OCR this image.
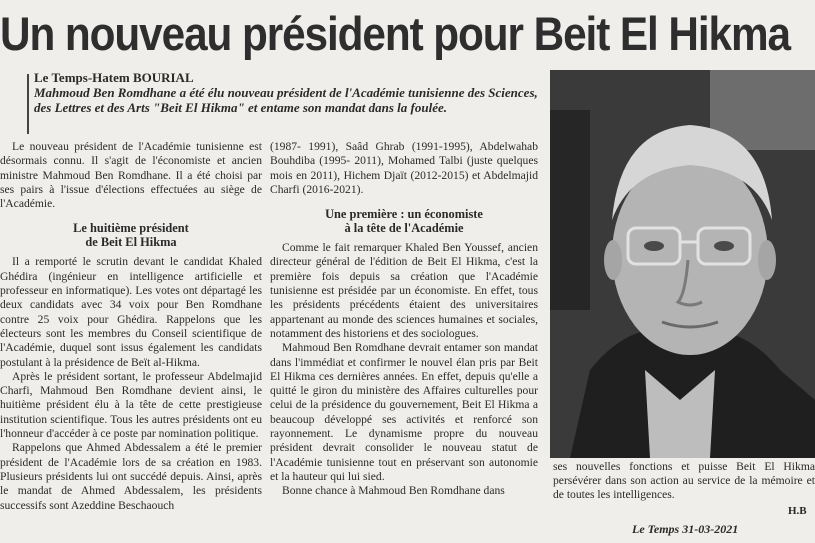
Un nouveau président pour Beit El Hikma
Le Temps-Hatem BOURIAL
Mahmoud Ben Romdhane a été élu nouveau président de l'Académie tunisienne des Sciences, des Lettres et des Arts "Beit El Hikma" et entame son mandat dans la foulée.

Le nouveau président de l'Académie tunisienne est désormais connu. Il s'agit de l'économiste et ancien ministre Mahmoud Ben Romdhane. Il a été choisi par ses pairs à l'issue d'élections effectuées au siège de l'Académie.

Le huitième président
de Beit El Hikma

Il a remporté le scrutin devant le candidat Khaled Ghédira (ingénieur en intelligence artificielle et professeur en informatique). Les votes ont départagé les deux candidats avec 34 voix pour Ben Romdhane contre 25 voix pour Ghédira. Rappelons que les électeurs sont les membres du Conseil scientifique de l'Académie, duquel sont issus également les candidats postulant à la présidence de Beït al-Hikma.

Après le président sortant, le professeur Abdelmajid Charfi, Mahmoud Ben Romdhane devient ainsi, le huitième président élu à la tête de cette prestigieuse institution scientifique. Tous les autres présidents ont eu l'honneur d'accéder à ce poste par nomination politique.

Rappelons que Ahmed Abdessalem a été le premier président de l'Académie lors de sa création en 1983. Plusieurs présidents lui ont succédé depuis. Ainsi, après le mandat de Ahmed Abdessalem, les présidents successifs sont Azeddine Beschaouch

(1987- 1991), Saâd Ghrab (1991-1995), Abdelwahab Bouhdiba (1995- 2011), Mohamed Talbi (juste quelques mois en 2011), Hichem Djaït (2012-2015) et Abdelmajid Charfi (2016-2021).

Une première : un économiste
à la tête de l'Académie

Comme le fait remarquer Khaled Ben Youssef, ancien directeur général de l'édition de Beit El Hikma, c'est la première fois depuis sa création que l'Académie tunisienne est présidée par un économiste. En effet, tous les présidents précédents étaient des universitaires appartenant au monde des sciences humaines et sociales, notamment des historiens et des sociologues.

Mahmoud Ben Romdhane devrait entamer son mandat dans l'immédiat et confirmer le nouvel élan pris par Beit El Hikma ces dernières années. En effet, depuis qu'elle a quitté le giron du ministère des Affaires culturelles pour celui de la présidence du gouvernement, Beit El Hikma a beaucoup développé ses activités et renforcé son rayonnement. Le dynamisme propre du nouveau président devrait consolider le nouveau statut de l'Académie tunisienne tout en préservant son autonomie et la hauteur qui lui sied.

Bonne chance à Mahmoud Ben Romdhane dans

ses nouvelles fonctions et puisse Beit El Hikma persévérer dans son action au service de la mémoire et de toutes les intelligences.
H.B
Le Temps 31-03-2021
